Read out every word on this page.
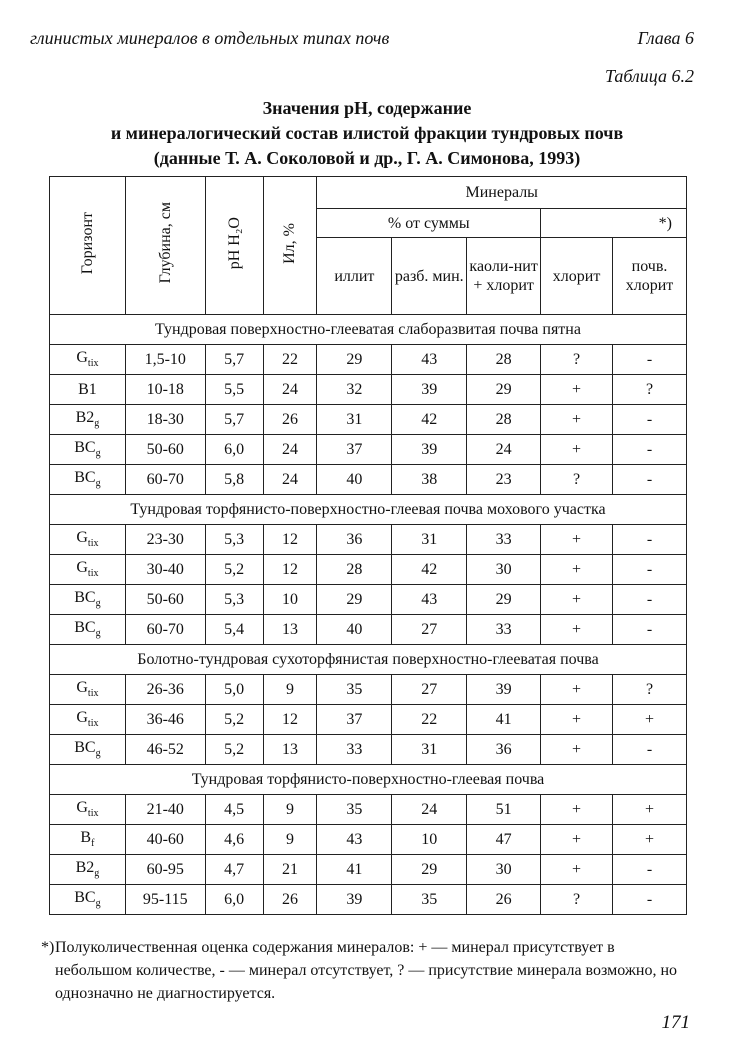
глинистых минералов в отдельных типах почв	Глава 6
Таблица 6.2
Значения pH, содержание
и минералогический состав илистой фракции тундровых почв
(данные Т. А. Соколовой и др., Г. А. Симонова, 1993)
Горизонт	Глубина, см	pH H₂O	Ил, %	Минералы				
				% от суммы			*)	
				иллит	разб. мин.	каоли-нит + хлорит	хлорит	почв. хлорит
Тундровая поверхностно-глееватая слаборазвитая почва пятна								
$G_{tix}$	1,5-10	5,7	22	29	43	28	?	-
B1	10-18	5,5	24	32	39	29	+	?
$B2_g$	18-30	5,7	26	31	42	28	+	-
$BC_g$	50-60	6,0	24	37	39	24	+	-
$BC_g$	60-70	5,8	24	40	38	23	?	-
Тундровая торфянисто-поверхностно-глеевая почва мохового участка								
$G_{tix}$	23-30	5,3	12	36	31	33	+	-
$G_{tix}$	30-40	5,2	12	28	42	30	+	-
$BC_g$	50-60	5,3	10	29	43	29	+	-
$BC_g$	60-70	5,4	13	40	27	33	+	-
Болотно-тундровая сухоторфянистая поверхностно-глееватая почва								
$G_{tix}$	26-36	5,0	9	35	27	39	+	?
$G_{tix}$	36-46	5,2	12	37	22	41	+	+
$BC_g$	46-52	5,2	13	33	31	36	+	-
Тундровая торфянисто-поверхностно-глеевая почва								
$G_{tix}$	21-40	4,5	9	35	24	51	+	+
$B_f$	40-60	4,6	9	43	10	47	+	+
$B2_g$	60-95	4,7	21	41	29	30	+	-
$BC_g$	95-115	6,0	26	39	35	26	?	-
*) Полуколичественная оценка содержания минералов: + — минерал присутствует в небольшом количестве, - — минерал отсутствует, ? — присутствие минерала возможно, но однозначно не диагностируется.
171
